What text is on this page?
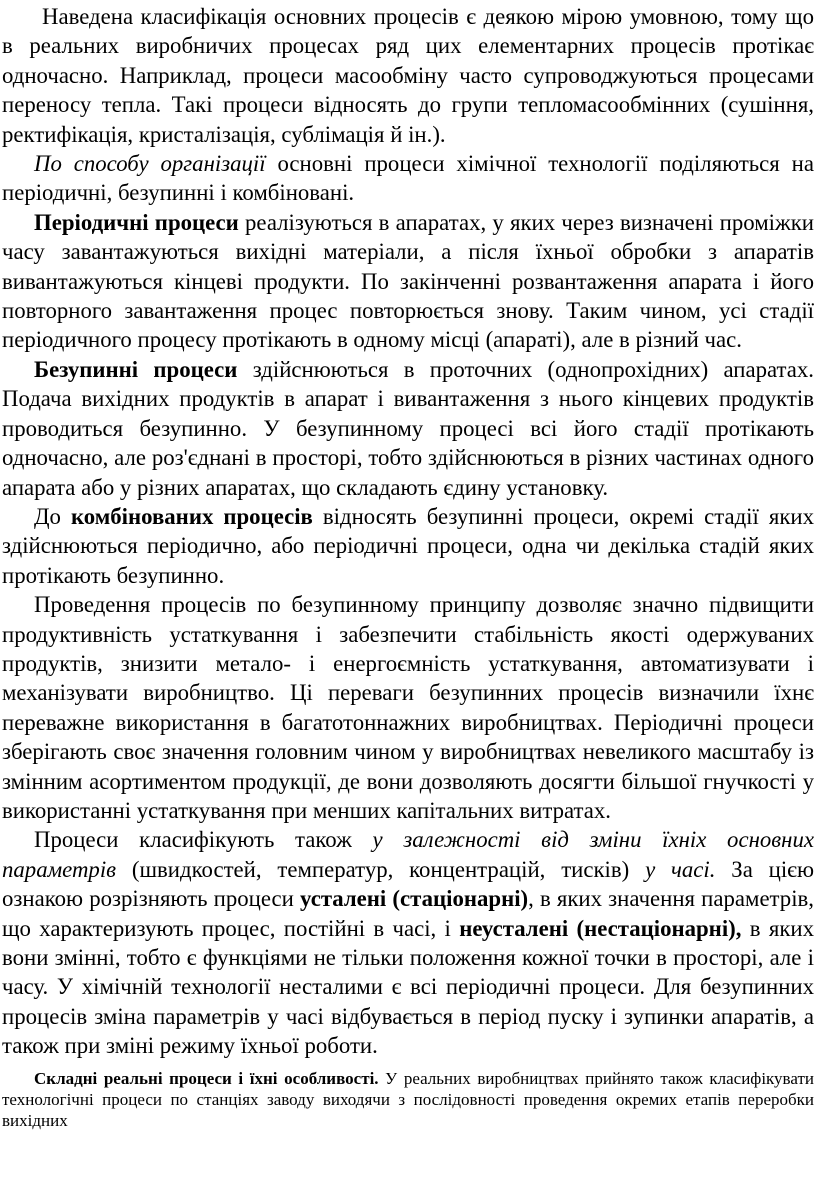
Наведена класифікація основних процесів є деякою мірою умовною, тому що в реальних виробничих процесах ряд цих елементарних процесів протікає одночасно. Наприклад, процеси масообміну часто супроводжуються процесами переносу тепла. Такі процеси відносять до групи тепломасообмінних (сушіння, ректифікація, кристалізація, сублімація й ін.).

По способу організації основні процеси хімічної технології поділяються на періодичні, безупинні і комбіновані.

Періодичні процеси реалізуються в апаратах, у яких через визначені проміжки часу завантажуються вихідні матеріали, а після їхньої обробки з апаратів вивантажуються кінцеві продукти. По закінченні розвантаження апарата і його повторного завантаження процес повторюється знову. Таким чином, усі стадії періодичного процесу протікають в одному місці (апараті), але в різний час.

Безупинні процеси здійснюються в проточних (однопрохідних) апаратах. Подача вихідних продуктів в апарат і вивантаження з нього кінцевих продуктів проводиться безупинно. У безупинному процесі всі його стадії протікають одночасно, але роз'єднані в просторі, тобто здійснюються в різних частинах одного апарата або у різних апаратах, що складають єдину установку.

До комбінованих процесів відносять безупинні процеси, окремі стадії яких здійснюються періодично, або періодичні процеси, одна чи декілька стадій яких протікають безупинно.

Проведення процесів по безупинному принципу дозволяє значно підвищити продуктивність устаткування і забезпечити стабільність якості одержуваних продуктів, знизити метало- і енергоємність устаткування, автоматизувати і механізувати виробництво. Ці переваги безупинних процесів визначили їхнє переважне використання в багатотоннажних виробництвах. Періодичні процеси зберігають своє значення головним чином у виробництвах невеликого масштабу із змінним асортиментом продукції, де вони дозволяють досягти більшої гнучкості у використанні устаткування при менших капітальних витратах.

Процеси класифікують також у залежності від зміни їхніх основних параметрів (швидкостей, температур, концентрацій, тисків) у часі. За цією ознакою розрізняють процеси усталені (стаціонарні), в яких значення параметрів, що характеризують процес, постійні в часі, і неусталені (нестаціонарні), в яких вони змінні, тобто є функціями не тільки положення кожної точки в просторі, але і часу. У хімічній технології несталими є всі періодичні процеси. Для безупинних процесів зміна параметрів у часі відбувається в період пуску і зупинки апаратів, а також при зміні режиму їхньої роботи.

Складні реальні процеси і їхні особливості. У реальних виробництвах прийнято також класифікувати технологічні процеси по станціях заводу виходячи з послідовності проведення окремих етапів переробки вихідних
